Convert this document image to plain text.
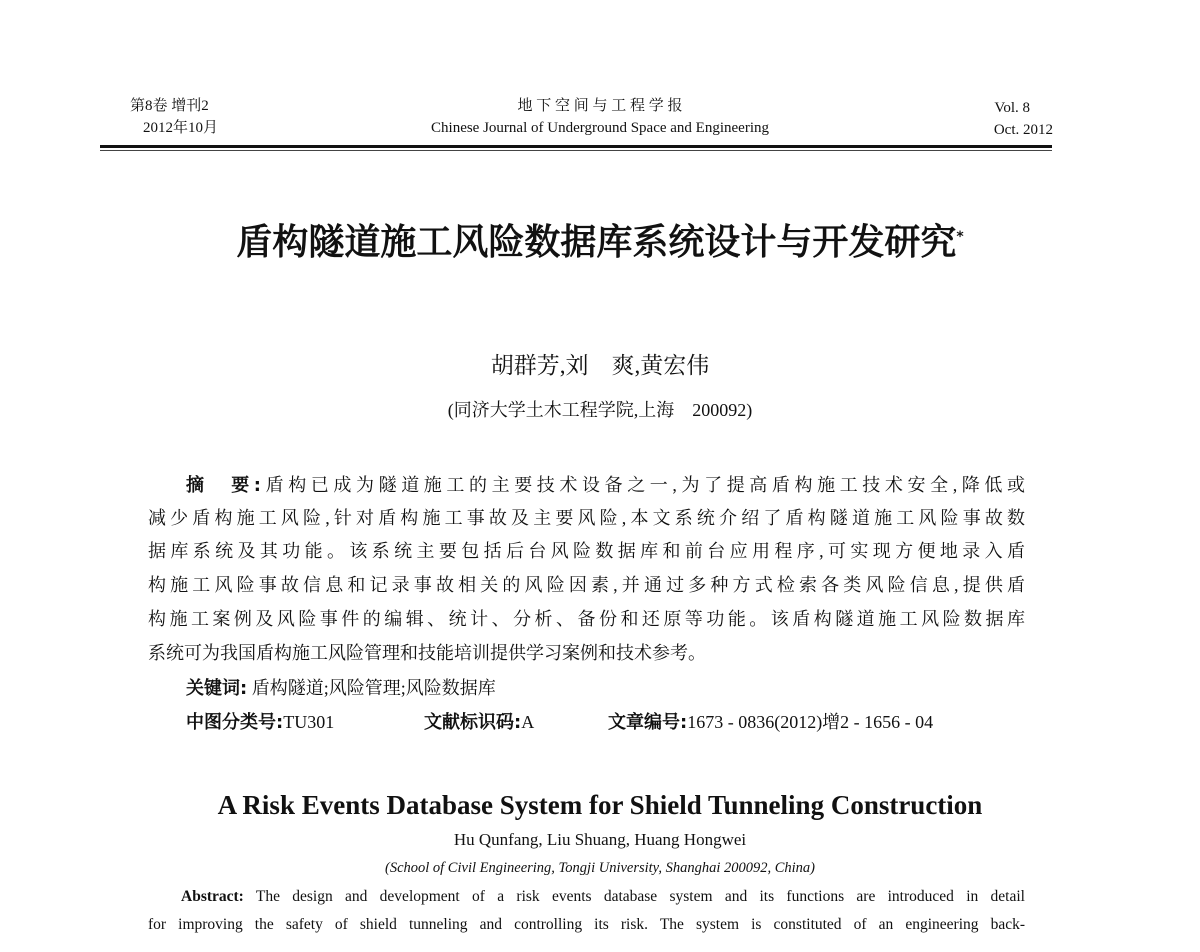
第8卷 增刊2
2012年10月
地 下 空 间 与 工 程 学 报
Chinese Journal of Underground Space and Engineering
Vol. 8
Oct. 2012
盾构隧道施工风险数据库系统设计与开发研究*
胡群芳,刘　爽,黄宏伟
(同济大学土木工程学院,上海　200092)
摘　要:盾构已成为隧道施工的主要技术设备之一,为了提高盾构施工技术安全,降低或
减少盾构施工风险,针对盾构施工事故及主要风险,本文系统介绍了盾构隧道施工风险事故数
据库系统及其功能。该系统主要包括后台风险数据库和前台应用程序,可实现方便地录入盾
构施工风险事故信息和记录事故相关的风险因素,并通过多种方式检索各类风险信息,提供盾
构施工案例及风险事件的编辑、统计、分析、备份和还原等功能。该盾构隧道施工风险数据库
系统可为我国盾构施工风险管理和技能培训提供学习案例和技术参考。
关键词: 盾构隧道;风险管理;风险数据库
中图分类号:TU301	文献标识码:A	文章编号:1673 - 0836(2012)增2 - 1656 - 04
A Risk Events Database System for Shield Tunneling Construction
Hu Qunfang, Liu Shuang, Huang Hongwei
(School of Civil Engineering, Tongji University, Shanghai 200092, China)
Abstract: The design and development of a risk events database system and its functions are introduced in detail
for improving the safety of shield tunneling and controlling its risk. The system is constituted of an engineering back-
